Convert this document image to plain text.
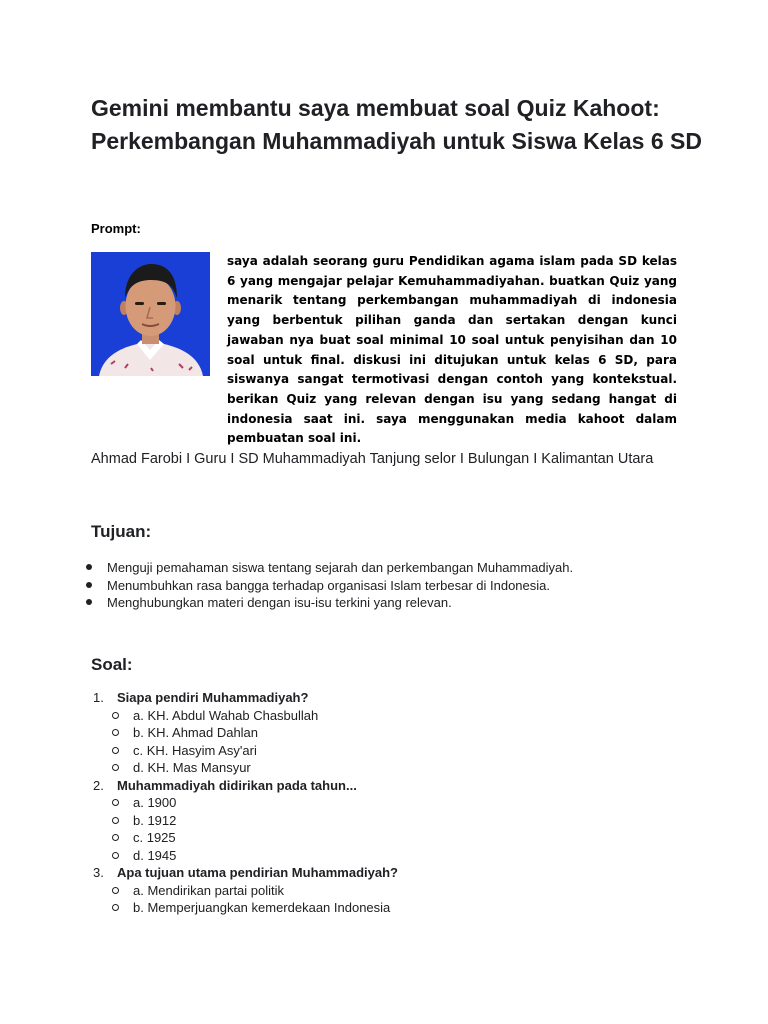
Gemini membantu saya membuat soal Quiz Kahoot: Perkembangan Muhammadiyah untuk Siswa Kelas 6 SD
Prompt:

saya adalah seorang guru Pendidikan agama islam pada SD kelas 6 yang mengajar pelajar Kemuhammadiyahan. buatkan Quiz yang menarik tentang perkembangan muhammadiyah di indonesia yang berbentuk pilihan ganda dan sertakan dengan kunci jawaban nya buat soal minimal 10 soal untuk penyisihan dan 10 soal untuk final. diskusi ini ditujukan untuk kelas 6 SD, para siswanya sangat termotivasi dengan contoh yang kontekstual. berikan Quiz yang relevan dengan isu yang sedang hangat di indonesia saat ini. saya menggunakan media kahoot dalam pembuatan soal ini.

Ahmad Farobi I Guru I SD Muhammadiyah Tanjung selor I Bulungan I Kalimantan Utara
Tujuan:
Menguji pemahaman siswa tentang sejarah dan perkembangan Muhammadiyah.
Menumbuhkan rasa bangga terhadap organisasi Islam terbesar di Indonesia.
Menghubungkan materi dengan isu-isu terkini yang relevan.
Soal:
1. Siapa pendiri Muhammadiyah?
a. KH. Abdul Wahab Chasbullah
b. KH. Ahmad Dahlan
c. KH. Hasyim Asy'ari
d. KH. Mas Mansyur
2. Muhammadiyah didirikan pada tahun...
a. 1900
b. 1912
c. 1925
d. 1945
3. Apa tujuan utama pendirian Muhammadiyah?
a. Mendirikan partai politik
b. Memperjuangkan kemerdekaan Indonesia
